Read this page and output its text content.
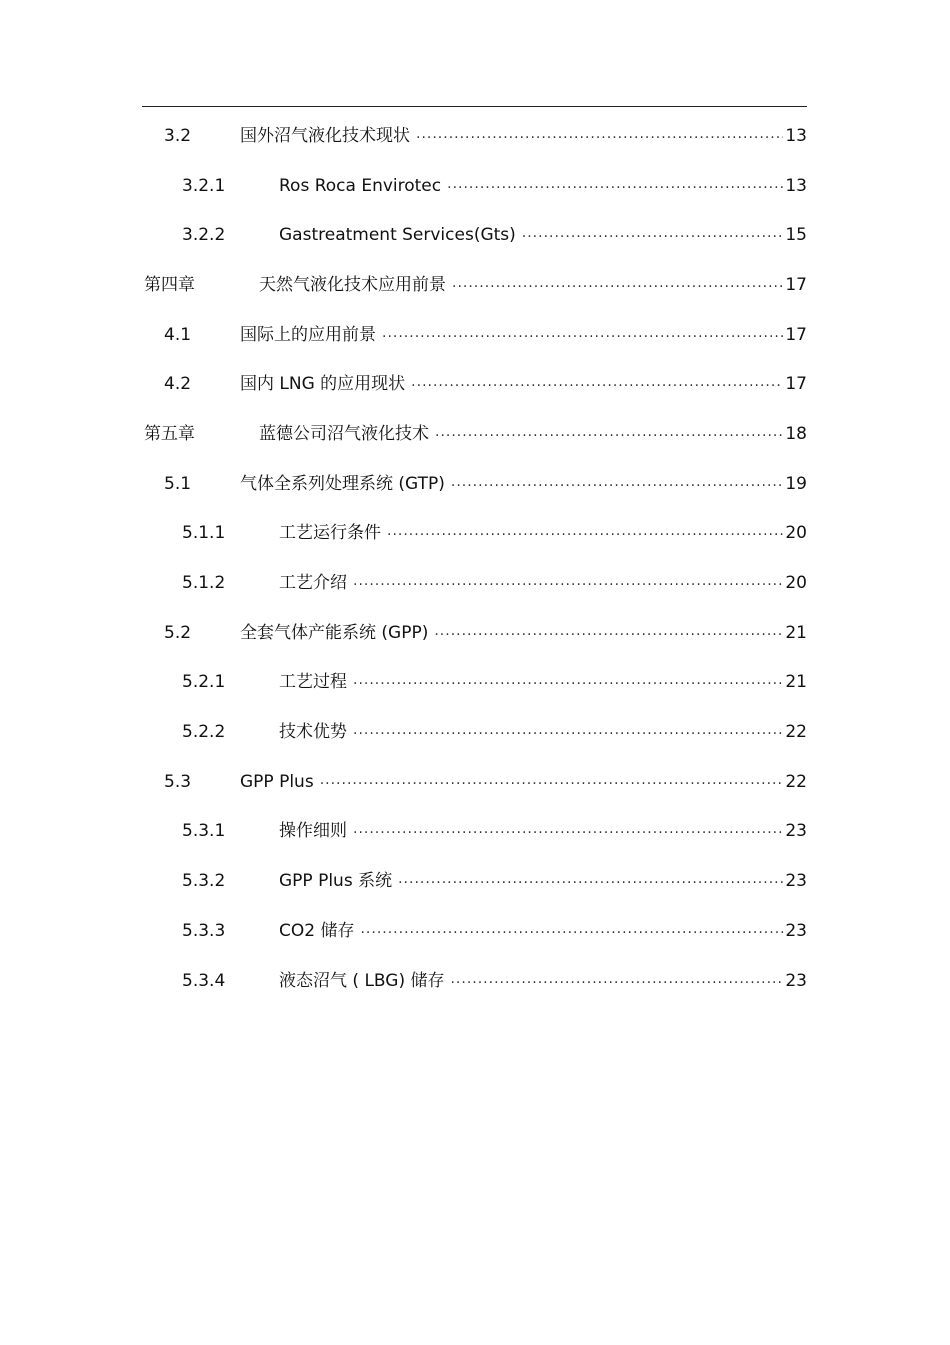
3.2	国外沼气液化技术现状 .....	13
3.2.1	Ros Roca Envirotec .....	13
3.2.2	Gastreatment Services(Gts) .....	15
第四章	天然气液化技术应用前景 .....	17
4.1	国际上的应用前景 .....	17
4.2	国内 LNG 的应用现状 .....	17
第五章	蓝德公司沼气液化技术 .....	18
5.1	气体全系列处理系统 (GTP) .....	19
5.1.1	工艺运行条件 .....	20
5.1.2	工艺介绍 .....	20
5.2	全套气体产能系统 (GPP) .....	21
5.2.1	工艺过程 .....	21
5.2.2	技术优势 .....	22
5.3	GPP Plus .....	22
5.3.1	操作细则 .....	23
5.3.2	GPP Plus 系统 .....	23
5.3.3	CO2 储存 .....	23
5.3.4	液态沼气 ( LBG) 储存 .....	23
